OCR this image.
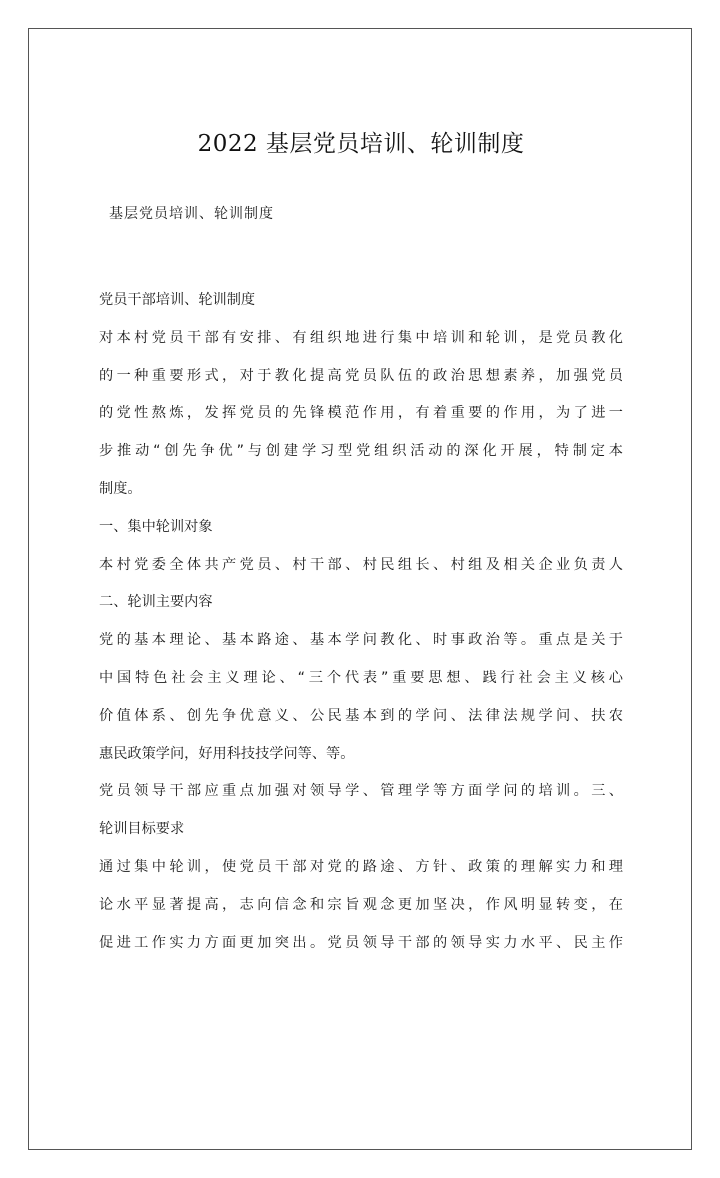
2022 基层党员培训、轮训制度
基层党员培训、轮训制度
党员干部培训、轮训制度
对本村党员干部有安排、有组织地进行集中培训和轮训，是党员教化
的一种重要形式，对于教化提高党员队伍的政治思想素养，加强党员
的党性熬炼，发挥党员的先锋模范作用，有着重要的作用，为了进一
步推动“创先争优”与创建学习型党组织活动的深化开展，特制定本
制度。
一、集中轮训对象
本村党委全体共产党员、村干部、村民组长、村组及相关企业负责人
二、轮训主要内容
党的基本理论、基本路途、基本学问教化、时事政治等。重点是关于
中国特色社会主义理论、“三个代表”重要思想、践行社会主义核心
价值体系、创先争优意义、公民基本到的学问、法律法规学问、扶农
惠民政策学问，好用科技技学问等、等。
党员领导干部应重点加强对领导学、管理学等方面学问的培训。三、
轮训目标要求
通过集中轮训，使党员干部对党的路途、方针、政策的理解实力和理
论水平显著提高，志向信念和宗旨观念更加坚决，作风明显转变，在
促进工作实力方面更加突出。党员领导干部的领导实力水平、民主作
